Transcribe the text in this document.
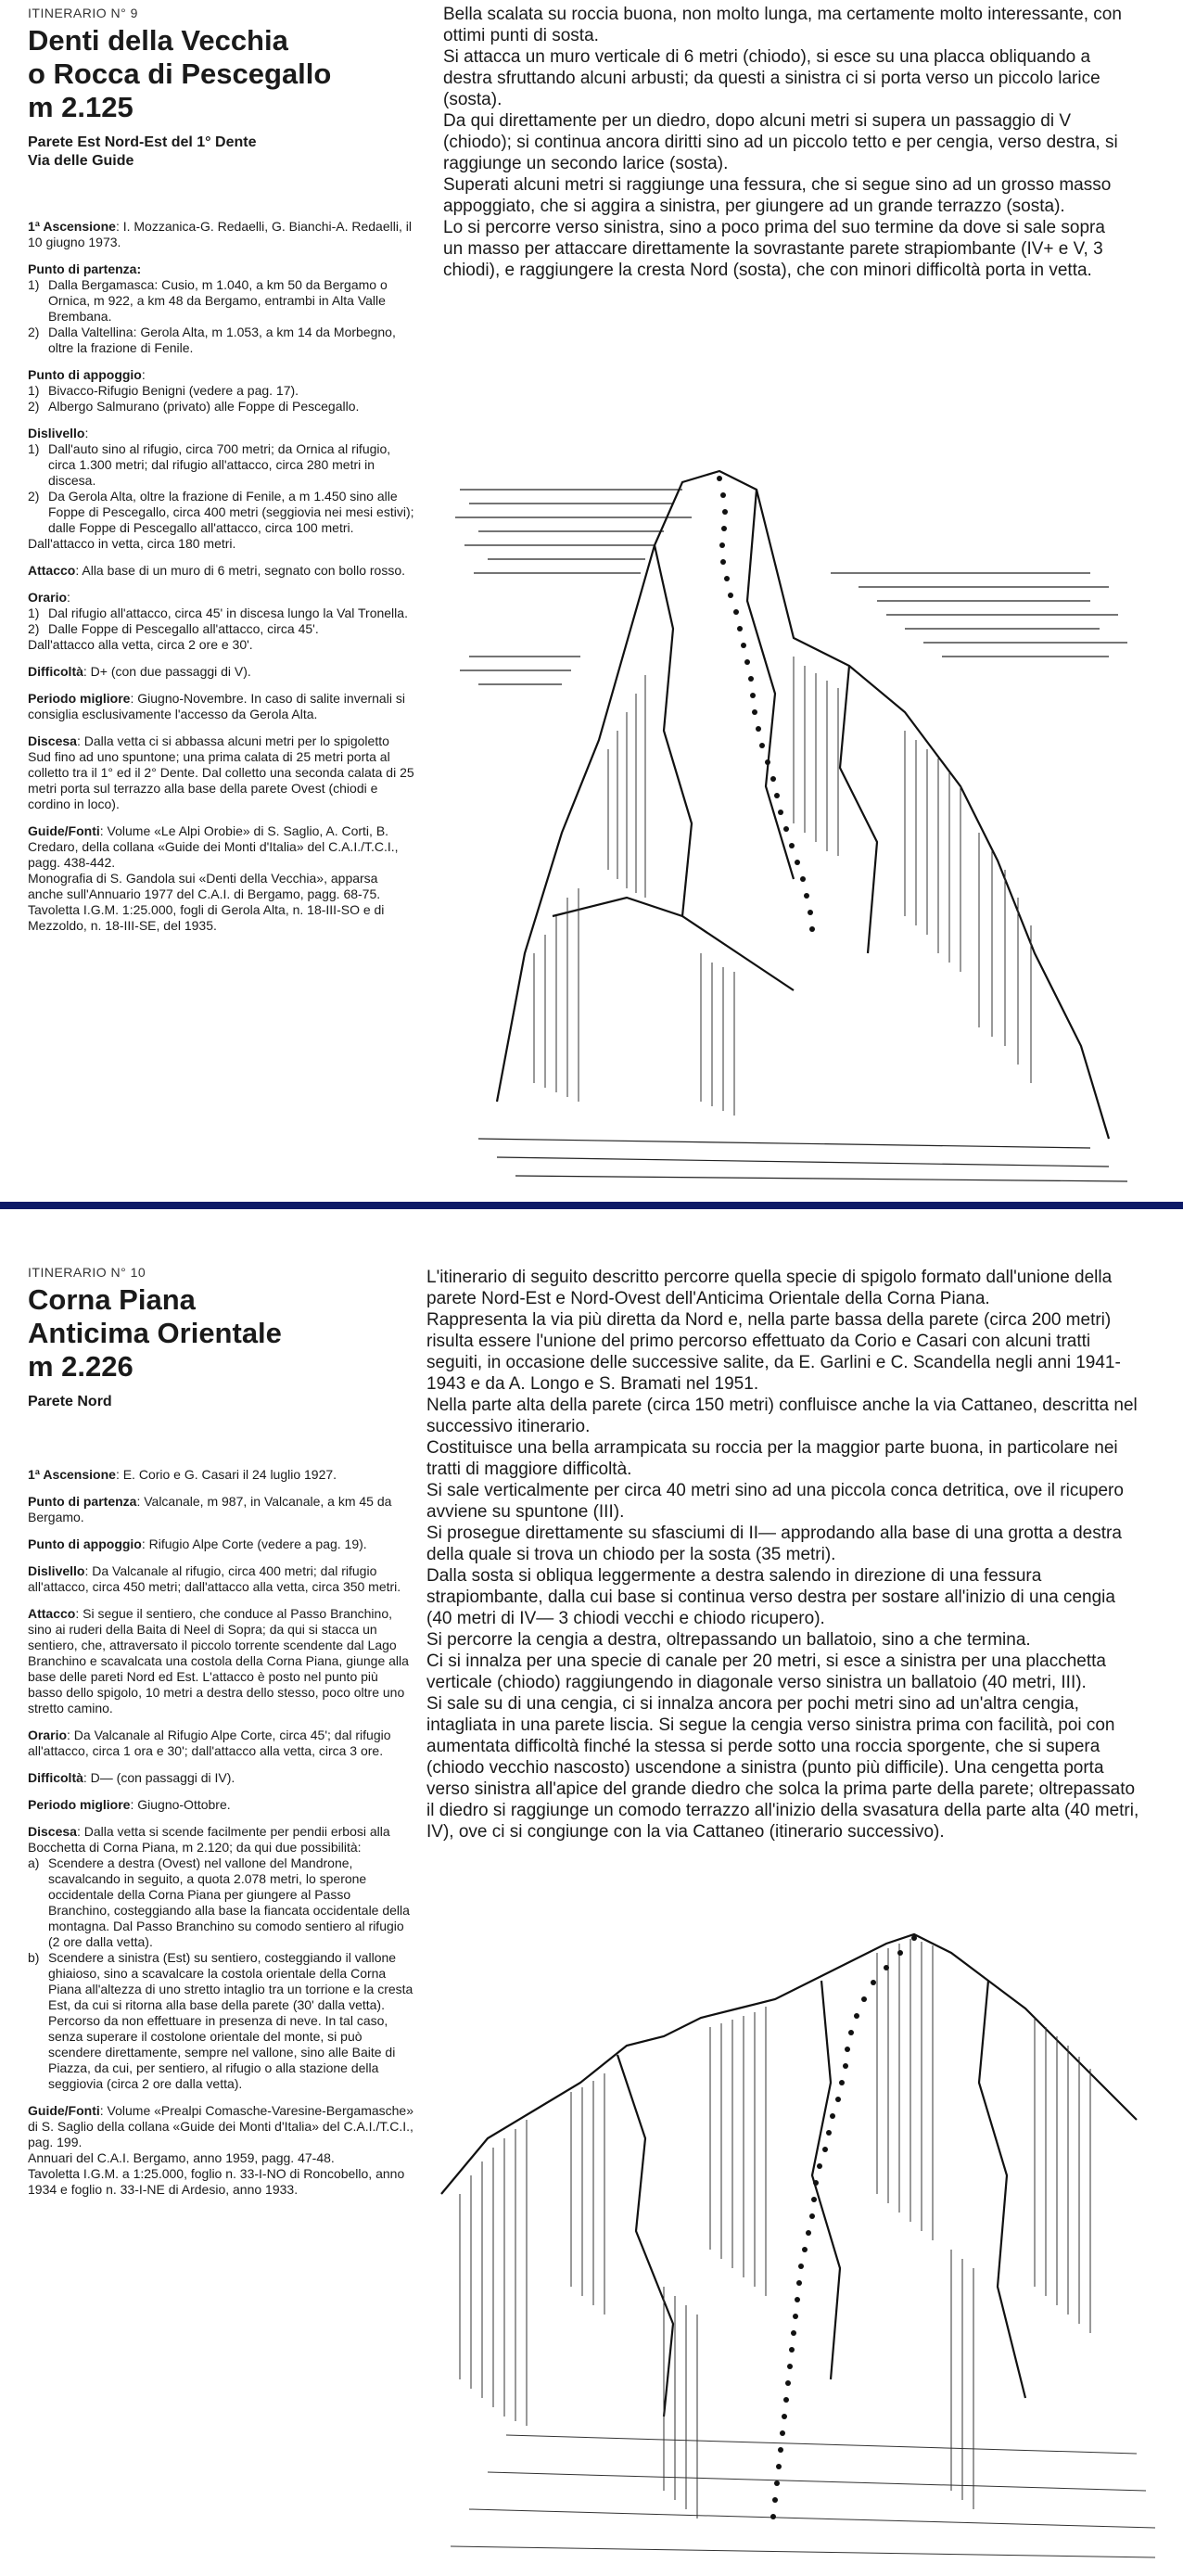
ITINERARIO N° 9
Denti della Vecchia
o Rocca di Pescegallo
m 2.125
Parete Est Nord-Est del 1° Dente
Via delle Guide

1ª Ascensione: I. Mozzanica-G. Redaelli, G. Bianchi-A. Redaelli, il 10 giugno 1973.

Punto di partenza:

1) Dalla Bergamasca: Cusio, m 1.040, a km 50 da Bergamo o Ornica, m 922, a km 48 da Bergamo, entrambi in Alta Valle Brembana.
2) Dalla Valtellina: Gerola Alta, m 1.053, a km 14 da Morbegno, oltre la frazione di Fenile.

Punto di appoggio:

1) Bivacco-Rifugio Benigni (vedere a pag. 17).
2) Albergo Salmurano (privato) alle Foppe di Pescegallo.

Dislivello:

1) Dall'auto sino al rifugio, circa 700 metri; da Ornica al rifugio, circa 1.300 metri; dal rifugio all'attacco, circa 280 metri in discesa.
2) Da Gerola Alta, oltre la frazione di Fenile, a m 1.450 sino alle Foppe di Pescegallo, circa 400 metri (seggiovia nei mesi estivi); dalle Foppe di Pescegallo all'attacco, circa 100 metri.

Dall'attacco in vetta, circa 180 metri.

Attacco: Alla base di un muro di 6 metri, segnato con bollo rosso.

Orario:

1) Dal rifugio all'attacco, circa 45' in discesa lungo la Val Tronella.
2) Dalle Foppe di Pescegallo all'attacco, circa 45'.

Dall'attacco alla vetta, circa 2 ore e 30'.

Difficoltà: D+ (con due passaggi di V).

Periodo migliore: Giugno-Novembre. In caso di salite invernali si consiglia esclusivamente l'accesso da Gerola Alta.

Discesa: Dalla vetta ci si abbassa alcuni metri per lo spigoletto Sud fino ad uno spuntone; una prima calata di 25 metri porta al colletto tra il 1° ed il 2° Dente. Dal colletto una seconda calata di 25 metri porta sul terrazzo alla base della parete Ovest (chiodi e cordino in loco).

Guide/Fonti: Volume «Le Alpi Orobie» di S. Saglio, A. Corti, B. Credaro, della collana «Guide dei Monti d'Italia» del C.A.I./T.C.I., pagg. 438-442.

Monografia di S. Gandola sui «Denti della Vecchia», apparsa anche sull'Annuario 1977 del C.A.I. di Bergamo, pagg. 68-75.

Tavoletta I.G.M. 1:25.000, fogli di Gerola Alta, n. 18-III-SO e di Mezzoldo, n. 18-III-SE, del 1935.

Bella scalata su roccia buona, non molto lunga, ma certamente molto interessante, con ottimi punti di sosta.

Si attacca un muro verticale di 6 metri (chiodo), si esce su una placca obliquando a destra sfruttando alcuni arbusti; da questi a sinistra ci si porta verso un piccolo larice (sosta).

Da qui direttamente per un diedro, dopo alcuni metri si supera un passaggio di V (chiodo); si continua ancora diritti sino ad un piccolo tetto e per cengia, verso destra, si raggiunge un secondo larice (sosta).

Superati alcuni metri si raggiunge una fessura, che si segue sino ad un grosso masso appoggiato, che si aggira a sinistra, per giungere ad un grande terrazzo (sosta).

Lo si percorre verso sinistra, sino a poco prima del suo termine da dove si sale sopra un masso per attaccare direttamente la sovrastante parete strapiombante (IV+ e V, 3 chiodi), e raggiungere la cresta Nord (sosta), che con minori difficoltà porta in vetta.

ITINERARIO N° 10
Corna Piana
Anticima Orientale
m 2.226
Parete Nord

1ª Ascensione: E. Corio e G. Casari il 24 luglio 1927.

Punto di partenza: Valcanale, m 987, in Valcanale, a km 45 da Bergamo.

Punto di appoggio: Rifugio Alpe Corte (vedere a pag. 19).

Dislivello: Da Valcanale al rifugio, circa 400 metri; dal rifugio all'attacco, circa 450 metri; dall'attacco alla vetta, circa 350 metri.

Attacco: Si segue il sentiero, che conduce al Passo Branchino, sino ai ruderi della Baita di Neel di Sopra; da qui si stacca un sentiero, che, attraversato il piccolo torrente scendente dal Lago Branchino e scavalcata una costola della Corna Piana, giunge alla base delle pareti Nord ed Est. L'attacco è posto nel punto più basso dello spigolo, 10 metri a destra dello stesso, poco oltre uno stretto camino.

Orario: Da Valcanale al Rifugio Alpe Corte, circa 45'; dal rifugio all'attacco, circa 1 ora e 30'; dall'attacco alla vetta, circa 3 ore.

Difficoltà: D— (con passaggi di IV).

Periodo migliore: Giugno-Ottobre.

Discesa: Dalla vetta si scende facilmente per pendii erbosi alla Bocchetta di Corna Piana, m 2.120; da qui due possibilità:

a) Scendere a destra (Ovest) nel vallone del Mandrone, scavalcando in seguito, a quota 2.078 metri, lo sperone occidentale della Corna Piana per giungere al Passo Branchino, costeggiando alla base la fiancata occidentale della montagna. Dal Passo Branchino su comodo sentiero al rifugio (2 ore dalla vetta).
b) Scendere a sinistra (Est) su sentiero, costeggiando il vallone ghiaioso, sino a scavalcare la costola orientale della Corna Piana all'altezza di uno stretto intaglio tra un torrione e la cresta Est, da cui si ritorna alla base della parete (30' dalla vetta). Percorso da non effettuare in presenza di neve. In tal caso, senza superare il costolone orientale del monte, si può scendere direttamente, sempre nel vallone, sino alle Baite di Piazza, da cui, per sentiero, al rifugio o alla stazione della seggiovia (circa 2 ore dalla vetta).

Guide/Fonti: Volume «Prealpi Comasche-Varesine-Bergamasche» di S. Saglio della collana «Guide dei Monti d'Italia» del C.A.I./T.C.I., pag. 199.

Annuari del C.A.I. Bergamo, anno 1959, pagg. 47-48.

Tavoletta I.G.M. a 1:25.000, foglio n. 33-I-NO di Roncobello, anno 1934 e foglio n. 33-I-NE di Ardesio, anno 1933.

L'itinerario di seguito descritto percorre quella specie di spigolo formato dall'unione della parete Nord-Est e Nord-Ovest dell'Anticima Orientale della Corna Piana.

Rappresenta la via più diretta da Nord e, nella parte bassa della parete (circa 200 metri) risulta essere l'unione del primo percorso effettuato da Corio e Casari con alcuni tratti seguiti, in occasione delle successive salite, da E. Garlini e C. Scandella negli anni 1941-1943 e da A. Longo e S. Bramati nel 1951.

Nella parte alta della parete (circa 150 metri) confluisce anche la via Cattaneo, descritta nel successivo itinerario.

Costituisce una bella arrampicata su roccia per la maggior parte buona, in particolare nei tratti di maggiore difficoltà.

Si sale verticalmente per circa 40 metri sino ad una piccola conca detritica, ove il ricupero avviene su spuntone (III).

Si prosegue direttamente su sfasciumi di II— approdando alla base di una grotta a destra della quale si trova un chiodo per la sosta (35 metri).

Dalla sosta si obliqua leggermente a destra salendo in direzione di una fessura strapiombante, dalla cui base si continua verso destra per sostare all'inizio di una cengia (40 metri di IV— 3 chiodi vecchi e chiodo ricupero).

Si percorre la cengia a destra, oltrepassando un ballatoio, sino a che termina.

Ci si innalza per una specie di canale per 20 metri, si esce a sinistra per una placchetta verticale (chiodo) raggiungendo in diagonale verso sinistra un ballatoio (40 metri, III).

Si sale su di una cengia, ci si innalza ancora per pochi metri sino ad un'altra cengia, intagliata in una parete liscia. Si segue la cengia verso sinistra prima con facilità, poi con aumentata difficoltà finché la stessa si perde sotto una roccia sporgente, che si supera (chiodo vecchio nascosto) uscendone a sinistra (punto più difficile). Una cengetta porta verso sinistra all'apice del grande diedro che solca la prima parte della parete; oltrepassato il diedro si raggiunge un comodo terrazzo all'inizio della svasatura della parte alta (40 metri, IV), ove ci si congiunge con la via Cattaneo (itinerario successivo).
